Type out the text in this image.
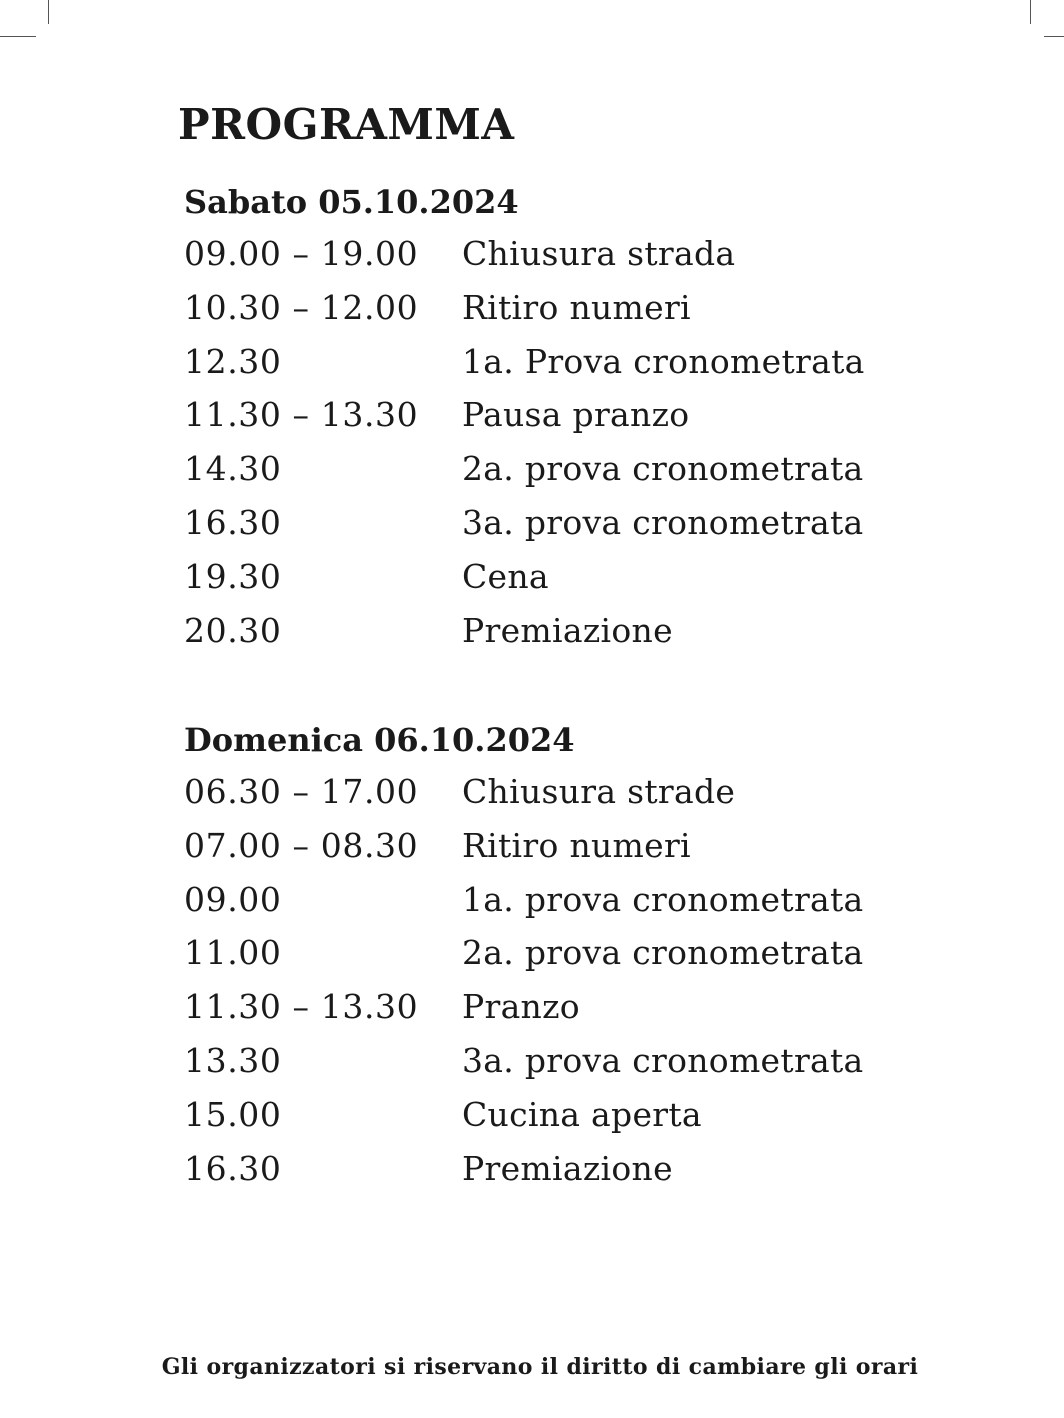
PROGRAMMA
Sabato 05.10.2024
09.00 – 19.00	Chiusura strada
10.30 – 12.00	Ritiro numeri
12.30	1a. Prova cronometrata
11.30 – 13.30	Pausa pranzo
14.30	2a. prova cronometrata
16.30	3a. prova cronometrata
19.30	Cena
20.30	Premiazione
Domenica 06.10.2024
06.30 – 17.00	Chiusura strade
07.00 – 08.30	Ritiro numeri
09.00	1a. prova cronometrata
11.00	2a. prova cronometrata
11.30 – 13.30	Pranzo
13.30	3a. prova cronometrata
15.00	Cucina aperta
16.30	Premiazione

Gli organizzatori si riservano il diritto di cambiare gli orari
